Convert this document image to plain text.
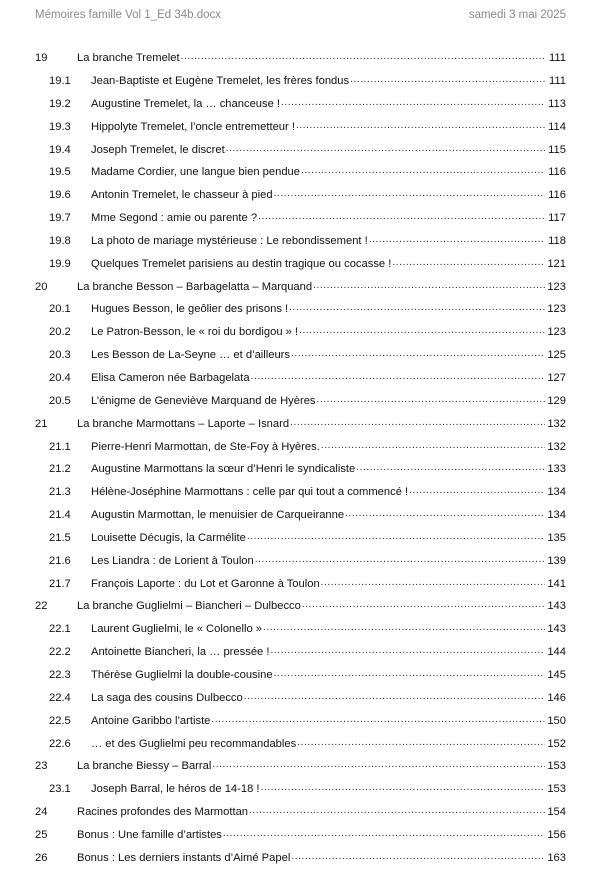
Mémoires famille Vol 1_Ed 34b.docx	samedi 3 mai 2025
19	La branche Tremelet .....	111
19.1	Jean-Baptiste et Eugène Tremelet, les frères fondus .....	111
19.2	Augustine Tremelet, la … chanceuse ! .....	113
19.3	Hippolyte Tremelet, l’oncle entremetteur ! .....	114
19.4	Joseph Tremelet, le discret .....	115
19.5	Madame Cordier, une langue bien pendue .....	116
19.6	Antonin Tremelet, le chasseur à pied .....	116
19.7	Mme Segond : amie ou parente ? .....	117
19.8	La photo de mariage mystérieuse : Le rebondissement ! .....	118
19.9	Quelques Tremelet parisiens au destin tragique ou cocasse ! .....	121
20	La branche Besson – Barbagelatta – Marquand .....	123
20.1	Hugues Besson, le geôlier des prisons ! .....	123
20.2	Le Patron-Besson, le « roi du bordigou » ! .....	123
20.3	Les Besson de La-Seyne … et d’ailleurs .....	125
20.4	Elisa Cameron née Barbagelata .....	127
20.5	L’énigme de Geneviève Marquand de Hyères .....	129
21	La branche Marmottans – Laporte – Isnard .....	132
21.1	Pierre-Henri Marmottan, de Ste-Foy à Hyères. .....	132
21.2	Augustine Marmottans la sœur d’Henri le syndicaliste .....	133
21.3	Hélène-Joséphine Marmottans : celle par qui tout a commencé ! .....	134
21.4	Augustin Marmottan, le menuisier de Carqueiranne .....	134
21.5	Louisette Décugis, la Carmélite .....	135
21.6	Les Liandra : de Lorient à Toulon .....	139
21.7	François Laporte : du Lot et Garonne à Toulon .....	141
22	La branche Guglielmi – Biancheri – Dulbecco .....	143
22.1	Laurent Guglielmi, le « Colonello » .....	143
22.2	Antoinette Biancheri, la … pressée ! .....	144
22.3	Thérèse Guglielmi la double-cousine .....	145
22.4	La saga des cousins Dulbecco .....	146
22.5	Antoine Garibbo l’artiste .....	150
22.6	… et des Guglielmi peu recommandables .....	152
23	La branche Biessy – Barral .....	153
23.1	Joseph Barral, le héros de 14-18 ! .....	153
24	Racines profondes des Marmottan .....	154
25	Bonus : Une famille d’artistes .....	156
26	Bonus : Les derniers instants d’Aimé Papel .....	163
